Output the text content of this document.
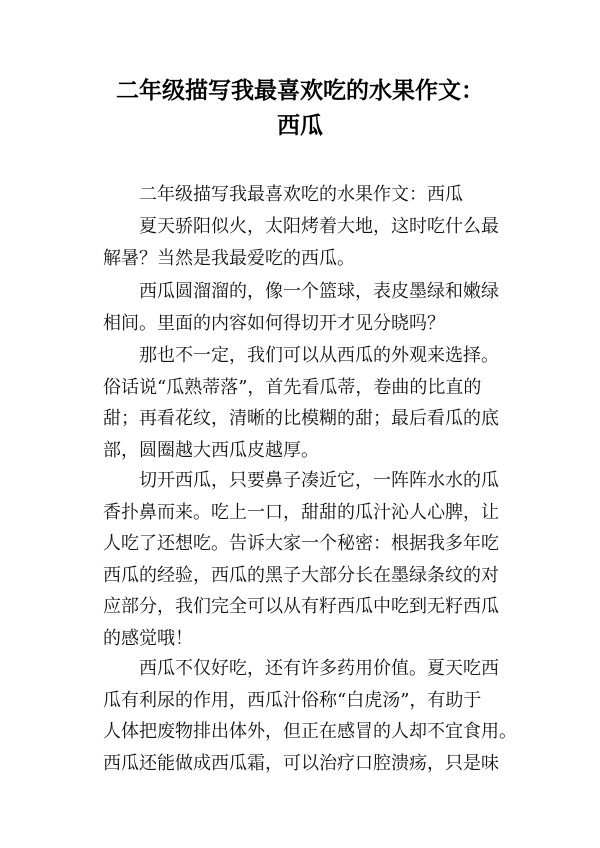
二年级描写我最喜欢吃的水果作文：
西瓜
二年级描写我最喜欢吃的水果作文：西瓜
夏天骄阳似火，太阳烤着大地，这时吃什么最
解暑？当然是我最爱吃的西瓜。
西瓜圆溜溜的，像一个篮球，表皮墨绿和嫩绿
相间。里面的内容如何得切开才见分晓吗？
那也不一定，我们可以从西瓜的外观来选择。
俗话说“瓜熟蒂落”，首先看瓜蒂，卷曲的比直的
甜；再看花纹，清晰的比模糊的甜；最后看瓜的底
部，圆圈越大西瓜皮越厚。
切开西瓜，只要鼻子凑近它，一阵阵水水的瓜
香扑鼻而来。吃上一口，甜甜的瓜汁沁人心脾，让
人吃了还想吃。告诉大家一个秘密：根据我多年吃
西瓜的经验，西瓜的黑子大部分长在墨绿条纹的对
应部分，我们完全可以从有籽西瓜中吃到无籽西瓜
的感觉哦！
西瓜不仅好吃，还有许多药用价值。夏天吃西
瓜有利尿的作用，西瓜汁俗称“白虎汤”，有助于
人体把废物排出体外，但正在感冒的人却不宜食用。
西瓜还能做成西瓜霜，可以治疗口腔溃疡，只是味
